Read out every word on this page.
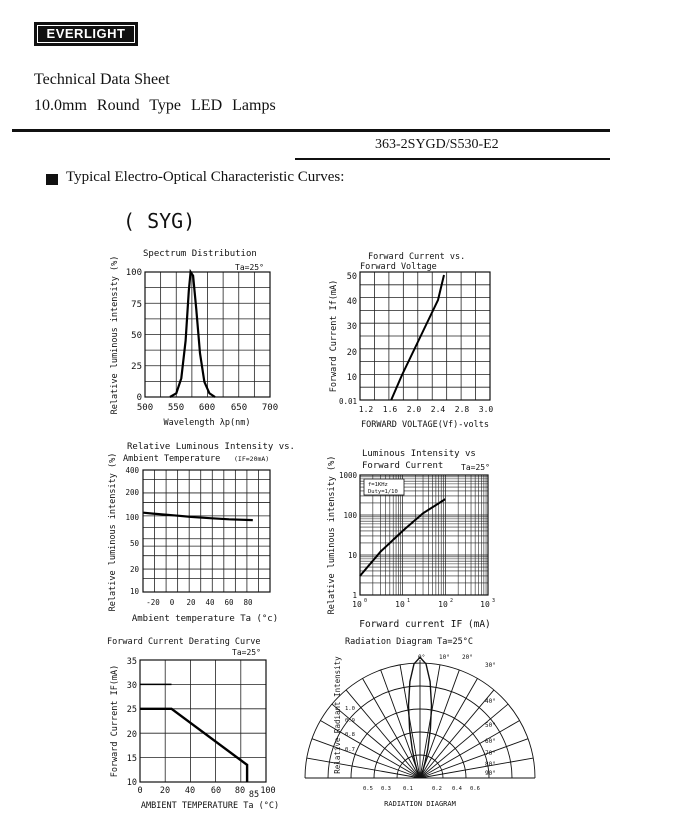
EVERLIGHT
Technical Data Sheet
10.0mm  Round  Type  LED  Lamps
363-2SYGD/S530-E2
Typical Electro-Optical Characteristic Curves:
( SYG)
Spectrum Distribution
Ta=25°
0
25
50
75
100
500 550 600 650 700
Wavelength λp(nm)
Relative luminous intensity (%)	Forward Current vs.
Forward Voltage
0.01
10
20
30
40
50
1.2 1.6 2.0 2.4 2.8 3.0
FORWARD VOLTAGE(Vf)-volts
Forward Current If(mA)
Relative Luminous Intensity vs.
Ambient Temperature (IF=20mA)
10
20
50
100
200
400
-20 0 20 40 60 80
Ambient temperature Ta (°c)
Relative luminous intensity (%)	Luminous Intensity vs
Forward Current Ta=25°
f=1KHz
Duty=1/10
1
10
100
1000
10 0	10 1	10 2	10 3
Forward current IF (mA)
Relative luminous intensity (%)
Forward Current Derating Curve
Ta=25°
10
15
20
25
30
35
0 20 40 60 80 85 100
AMBIENT TEMPERATURE Ta (°C)
Forward Current IF(mA)
Radiation Diagram Ta=25°C
0° 10° 20°
30°
40°
50°
60°
70°
80°
90°
1.0
0.9
0.8
0.7
0.5 0.3 0.1	0.2 0.4 0.6
RADIATION DIAGRAM
Relative Radiant Intensity
